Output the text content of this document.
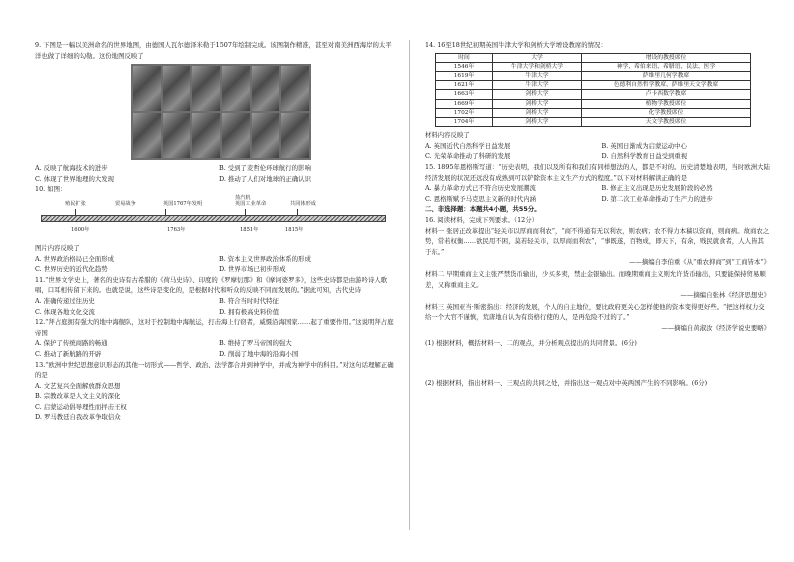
9. 下图是一幅以美洲命名的世界地图，由德国人瓦尔德泽米勒于1507年绘制完成。该图制作精准，甚至对南美洲西海岸的太平洋也做了详细的勾勒。这份地图反映了

A. 反映了航海技术的进步	B. 受到了麦哲伦环球航行的影响
C. 体现了世界地理的大发现	D. 推动了人们对地球的正确认识

10. 如图：

殖民扩张	贸易战争	英国1767年发明
蒸汽机
英国工业革命	共同体形成
1600年	1763年	1851年	1815年

图片内容反映了

A. 世界政治格局已全面形成	B. 资本主义世界政治体系的形成
C. 世界历史的近代化趋势	D. 世界市场已初步形成

11.“世界文学史上，著名的史诗有古希腊的《荷马史诗》、印度的《罗摩衍那》和《摩诃婆罗多》，这些史诗都是由游吟诗人歌唱，口耳相传留下来的。也就是说，这些诗是变化的，是根据时代和听众的反映不同而发展的。”据此可知，古代史诗

A. 准确传递过往历史	B. 符合当时时代特征
C. 体现各地文化交流	D. 拥有极高史料价值

12.“拜占庭拥有强大的地中海舰队，这对于控制地中海航运，打击海上行窃者，威慑沿海国家……起了重要作用。”这说明拜占庭帝国

A. 保护了传统商路的畅通	B. 维持了罗马帝国的强大
C. 推动了新航路的开辟	D. 削弱了地中海的沿海小国

13.“欧洲中世纪思想意识形态的其他一切形式——哲学、政治、法学都合并到神学中，并成为神学中的科目。”对这句话理解正确的是

A. 文艺复兴全面解放群众思想
B. 宗教改革是人文主义的深化
C. 启蒙运动倡导理性而抨击王权
D. 罗马教廷自我改革争取信众

14. 16至18世纪初期英国牛津大学和剑桥大学增设教席的情况：

时间	大学	增设的教授席位
1546年	牛津大学和剑桥大学	神学、希伯来语、希腊语、民法、医学
1619年	牛津大学	萨维里几何学教席
1621年	牛津大学	色德利自然哲学教席、萨维里天文学教席
1663年	剑桥大学	卢卡西数学教席
1669年	剑桥大学	植物学教授席位
1702年	剑桥大学	化学教授席位
1704年	剑桥大学	天文学教授席位

材料内容反映了

A. 英国近代自然科学日益发展	B. 英国日渐成为启蒙运动中心
C. 光荣革命推动了科研的发展	D. 自然科学教育日益受到重视

15. 1895年恩格斯写道：“历史表明，我们以及所有和我们有同样想法的人，都是不对的。历史清楚地表明，当时欧洲大陆经济发展的状况还远没有成熟到可以铲除资本主义生产方式的程度。”以下对材料解读正确的是

A. 暴力革命方式已不符合历史发展潮流	B. 修正主义出现是历史发展阶段的必然
C. 恩格斯赋予马克思主义新的时代内涵	D. 第二次工业革命推动了生产力的进步

二、非选择题：本题共4小题，共55分。

16. 阅读材料，完成下列要求。（12分）

材料一 张居正改革提出“轻关市以厚商而利农”，“商不得通有无以利农，则农病；农不得力本穑以资商，则商病。故商农之势，常若权衡……欲民用不困，莫若轻关市，以厚商而利农”，“事既遂，百物成，即天下，有余，贱民就食者，人人皆其于东。”

——摘编自李伯重《从“重农抑商”到“工商皆本”》

材料二 早期重商主义主张严禁货币输出，少买多卖，禁止金银输出。而晚期重商主义则允许货币输出，只要能保持贸易顺差，又称重商主义。

——摘编自张林《经济思想史》

材料三 英国亚当·斯密指出：经济的发展，个人的自主地位，要比政府更关心怎样使他的资本变得更好些。“把这样权力交给一个大官不谨慎，荒唐地自认为有资格行使的人，是再危险不过的了。”

——摘编自黄淑汝《经济学说史要略》

(1) 根据材料，概括材料一、二的观点，并分析观点提出的共同背景。(6分)

(2) 根据材料，指出材料一、三观点的共同之处，并指出这一观点对中英两国产生的不同影响。(6分)
